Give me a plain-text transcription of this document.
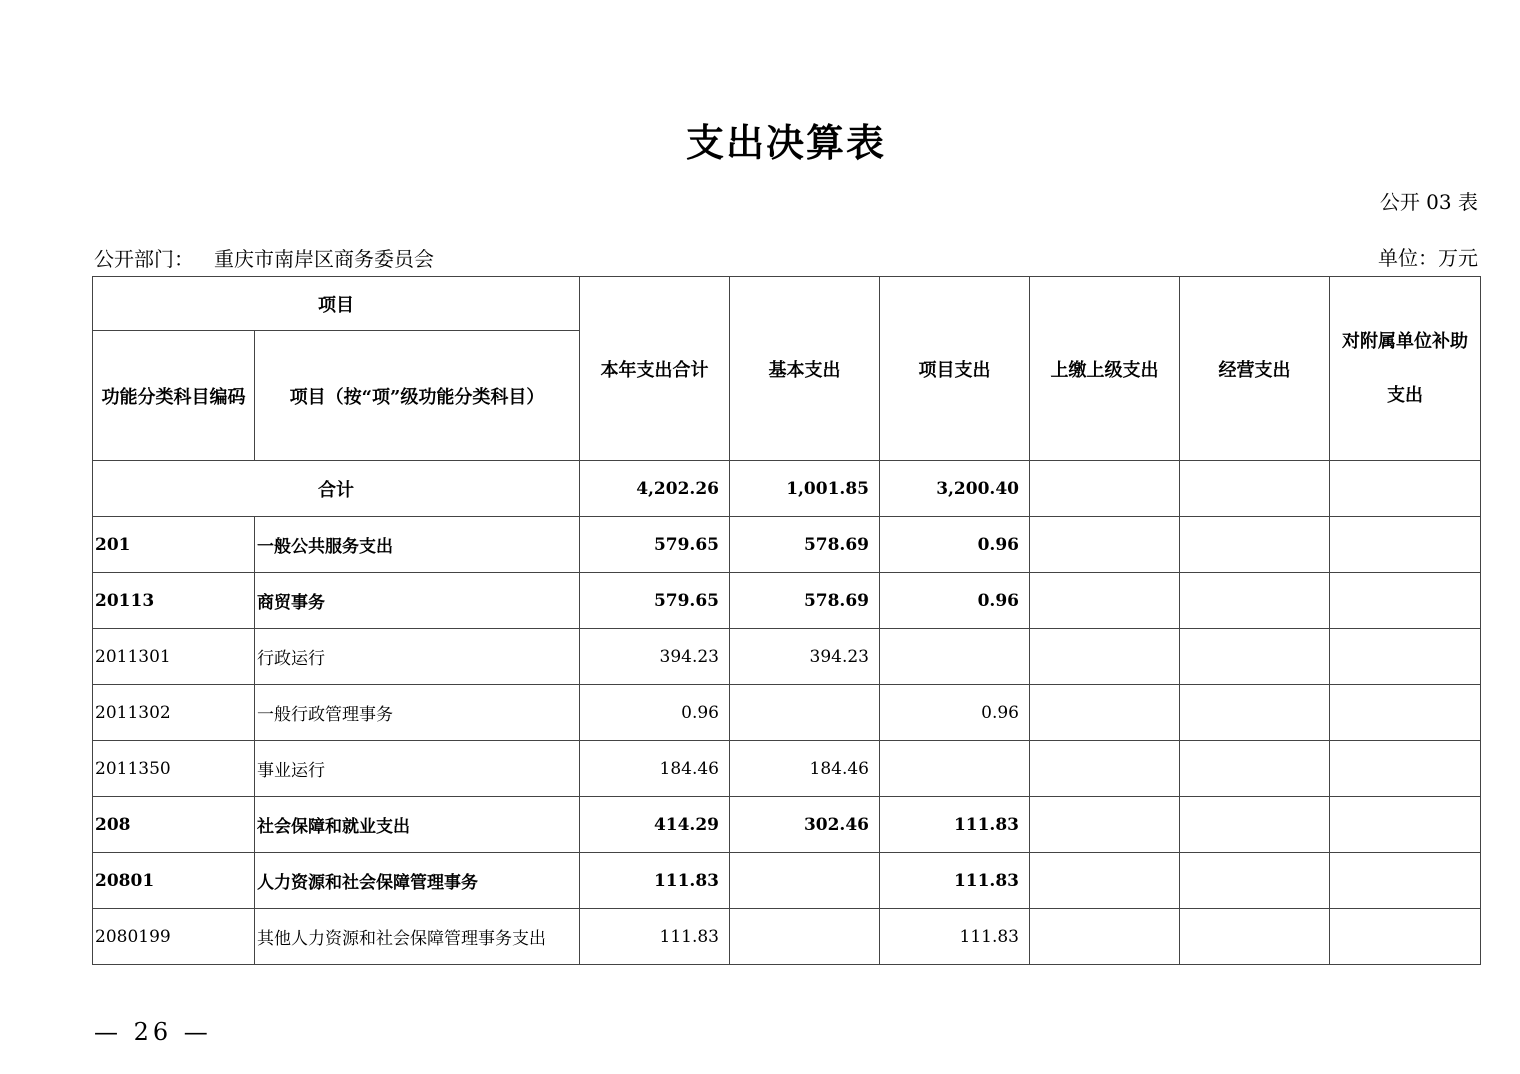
支出决算表
公开 03 表
公开部门： 重庆市南岸区商务委员会	单位：万元
项目		本年支出合计	基本支出	项目支出	上缴上级支出	经营支出	对附属单位补助
支出
功能分类科目编码	项目（按“项”级功能分类科目）						
合计		4,202.26	1,001.85	3,200.40			
201	一般公共服务支出	579.65	578.69	0.96			
20113	商贸事务	579.65	578.69	0.96			
2011301	行政运行	394.23	394.23				
2011302	一般行政管理事务	0.96		0.96			
2011350	事业运行	184.46	184.46				
208	社会保障和就业支出	414.29	302.46	111.83			
20801	人力资源和社会保障管理事务	111.83		111.83			
2080199	其他人力资源和社会保障管理事务支出	111.83		111.83			
— 26 —
